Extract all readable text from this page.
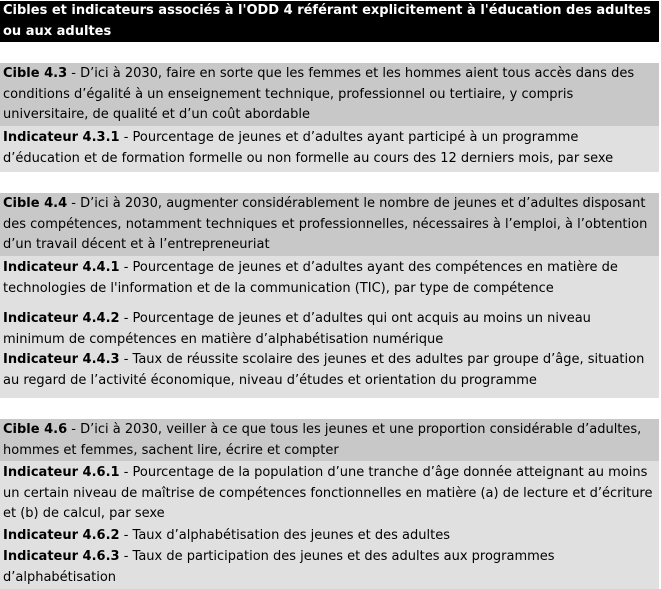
Cibles et indicateurs associés à l'ODD 4 référant explicitement à l'éducation des adultes ou aux adultes
Cible 4.3 - D’ici à 2030, faire en sorte que les femmes et les hommes aient tous accès dans des conditions d’égalité à un enseignement technique, professionnel ou tertiaire, y compris universitaire, de qualité et d’un coût abordable
Indicateur 4.3.1 - Pourcentage de jeunes et d’adultes ayant participé à un programme d’éducation et de formation formelle ou non formelle au cours des 12 derniers mois, par sexe
Cible 4.4 - D’ici à 2030, augmenter considérablement le nombre de jeunes et d’adultes disposant des compétences, notamment techniques et professionnelles, nécessaires à l’emploi, à l’obtention d’un travail décent et à l’entrepreneuriat
Indicateur 4.4.1 - Pourcentage de jeunes et d’adultes ayant des compétences en matière de technologies de l'information et de la communication (TIC), par type de compétence
Indicateur 4.4.2 - Pourcentage de jeunes et d’adultes qui ont acquis au moins un niveau minimum de compétences en matière d’alphabétisation numérique
Indicateur 4.4.3 - Taux de réussite scolaire des jeunes et des adultes par groupe d’âge, situation au regard de l’activité économique, niveau d’études et orientation du programme
Cible 4.6 - D’ici à 2030, veiller à ce que tous les jeunes et une proportion considérable d’adultes, hommes et femmes, sachent lire, écrire et compter
Indicateur 4.6.1 - Pourcentage de la population d’une tranche d’âge donnée atteignant au moins un certain niveau de maîtrise de compétences fonctionnelles en matière (a) de lecture et d’écriture et (b) de calcul, par sexe
Indicateur 4.6.2 - Taux d’alphabétisation des jeunes et des adultes
Indicateur 4.6.3 - Taux de participation des jeunes et des adultes aux programmes d’alphabétisation
